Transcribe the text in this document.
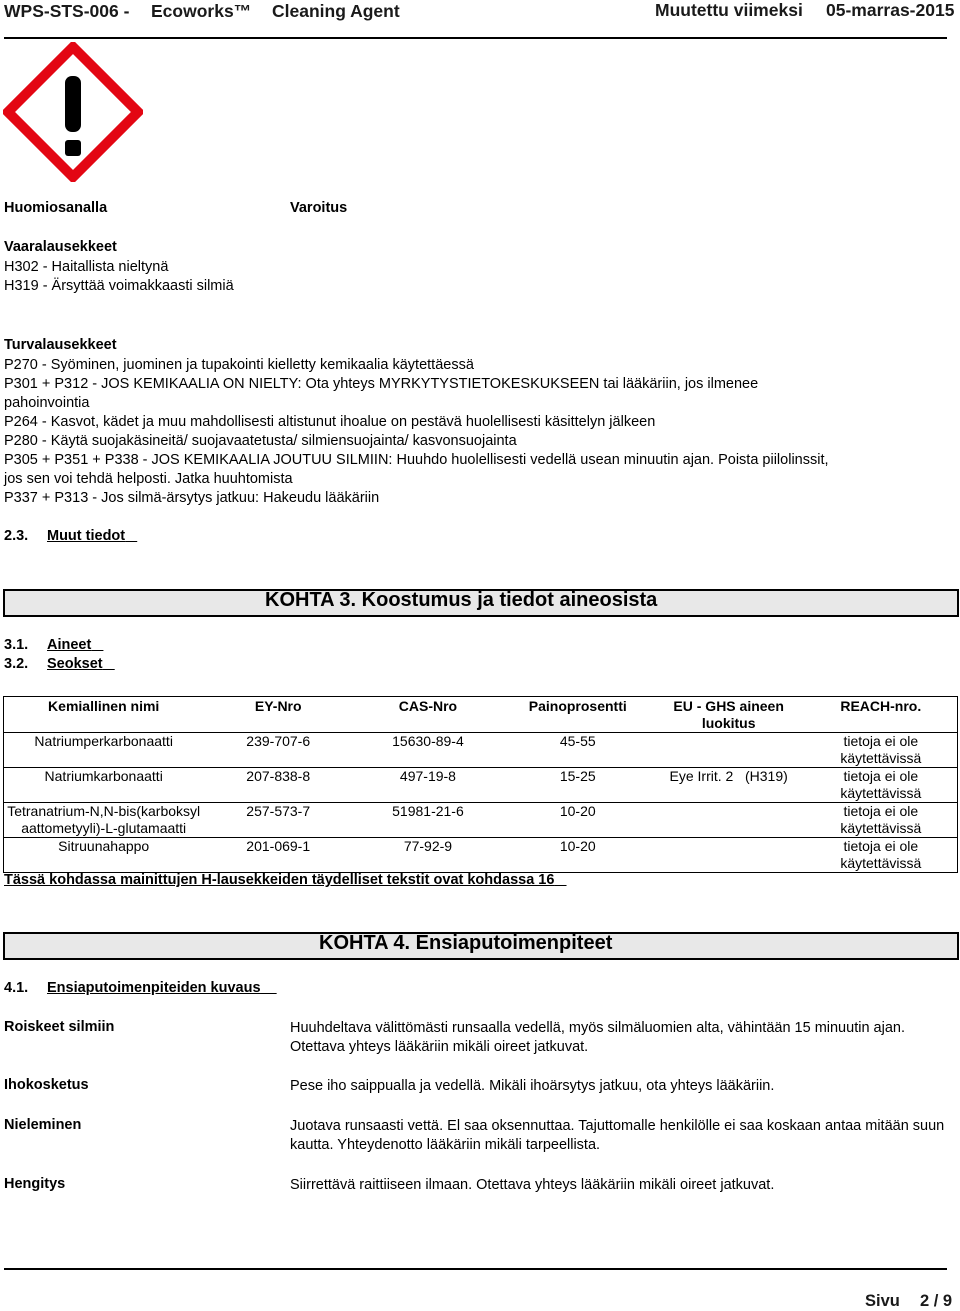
WPS-STS-006 - Ecoworks™ Cleaning Agent	Muutettu viimeksi 05-marras-2015
Huomiosanalla	Varoitus
Vaaralausekkeet
H302 - Haitallista nieltynä
H319 - Ärsyttää voimakkaasti silmiä
Turvalausekkeet
P270 - Syöminen, juominen ja tupakointi kielletty kemikaalia käytettäessä
P301 + P312 - JOS KEMIKAALIA ON NIELTY: Ota yhteys MYRKYTYSTIETOKESKUKSEEN tai lääkäriin, jos ilmenee
pahoinvointia
P264 - Kasvot, kädet ja muu mahdollisesti altistunut ihoalue on pestävä huolellisesti käsittelyn jälkeen
P280 - Käytä suojakäsineitä/ suojavaatetusta/ silmiensuojainta/ kasvonsuojainta
P305 + P351 + P338 - JOS KEMIKAALIA JOUTUU SILMIIN: Huuhdo huolellisesti vedellä usean minuutin ajan. Poista piilolinssit,
jos sen voi tehdä helposti. Jatka huuhtomista
P337 + P313 - Jos silmä-ärsytys jatkuu: Hakeudu lääkäriin
2.3. Muut tiedot
KOHTA 3. Koostumus ja tiedot aineosista
3.1. Aineet
3.2. Seokset
Kemiallinen nimi	EY-Nro	CAS-Nro	Painoprosentti	EU - GHS aineen luokitus	REACH-nro.
Natriumperkarbonaatti	239-707-6	15630-89-4	45-55		tietoja ei ole käytettävissä
Natriumkarbonaatti	207-838-8	497-19-8	15-25	Eye Irrit. 2   (H319)	tietoja ei ole käytettävissä
Tetranatrium-N,N-bis(karboksylaattometyyli)-L-glutamaatti	257-573-7	51981-21-6	10-20		tietoja ei ole käytettävissä
Sitruunahappo	201-069-1	77-92-9	10-20		tietoja ei ole käytettävissä
Tässä kohdassa mainittujen H-lausekkeiden täydelliset tekstit ovat kohdassa 16
KOHTA 4. Ensiaputoimenpiteet
4.1. Ensiaputoimenpiteiden kuvaus
Roiskeet silmiin	Huuhdeltava välittömästi runsaalla vedellä, myös silmäluomien alta, vähintään 15 minuutin ajan. Otettava yhteys lääkäriin mikäli oireet jatkuvat.
Ihokosketus	Pese iho saippualla ja vedellä. Mikäli ihoärsytys jatkuu, ota yhteys lääkäriin.
Nieleminen	Juotava runsaasti vettä. El saa oksennuttaa. Tajuttomalle henkilölle ei saa koskaan antaa mitään suun kautta. Yhteydenotto lääkäriin mikäli tarpeellista.
Hengitys	Siirrettävä raittiiseen ilmaan. Otettava yhteys lääkäriin mikäli oireet jatkuvat.
Sivu 2 / 9
